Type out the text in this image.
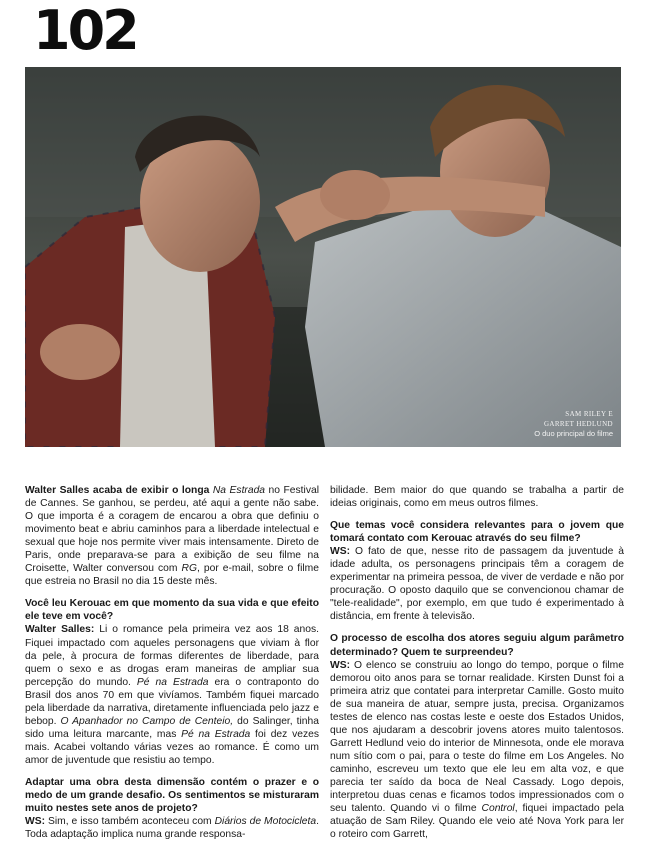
102
SAM RILEY E
GARRET HEDLUND
O duo principal do filme

Walter Salles acaba de exibir o longa Na Estrada no Festival de Cannes. Se ganhou, se perdeu, até aqui a gente não sabe. O que importa é a coragem de encarou a obra que definiu o movimento beat e abriu caminhos para a liberdade intelectual e sexual que hoje nos permite viver mais intensamente. Direto de Paris, onde preparava-se para a exibição de seu filme na Croisette, Walter conversou com RG, por e-mail, sobre o filme que estreia no Brasil no dia 15 deste mês.

Você leu Kerouac em que momento da sua vida e que efeito ele teve em você?

Walter Salles: Li o romance pela primeira vez aos 18 anos. Fiquei impactado com aqueles personagens que viviam à flor da pele, à procura de formas diferentes de liberdade, para quem o sexo e as drogas eram maneiras de ampliar sua percepção do mundo. Pé na Estrada era o contraponto do Brasil dos anos 70 em que vivíamos. Também fiquei marcado pela liberdade da narrativa, diretamente influenciada pelo jazz e bebop. O Apanhador no Campo de Centeio, do Salinger, tinha sido uma leitura marcante, mas Pé na Estrada foi dez vezes mais. Acabei voltando várias vezes ao romance. É como um amor de juventude que resistiu ao tempo.

Adaptar uma obra desta dimensão contém o prazer e o medo de um grande desafio. Os sentimentos se misturaram muito nestes sete anos de projeto?

WS: Sim, e isso também aconteceu com Diários de Motocicleta. Toda adaptação implica numa grande responsa-

bilidade. Bem maior do que quando se trabalha a partir de ideias originais, como em meus outros filmes.

Que temas você considera relevantes para o jovem que tomará contato com Kerouac através do seu filme?

WS: O fato de que, nesse rito de passagem da juventude à idade adulta, os personagens principais têm a coragem de experimentar na primeira pessoa, de viver de verdade e não por procuração. O oposto daquilo que se convencionou chamar de "tele-realidade", por exemplo, em que tudo é experimentado à distância, em frente à televisão.

O processo de escolha dos atores seguiu algum parâmetro determinado? Quem te surpreendeu?

WS: O elenco se construiu ao longo do tempo, porque o filme demorou oito anos para se tornar realidade. Kirsten Dunst foi a primeira atriz que contatei para interpretar Camille. Gosto muito de sua maneira de atuar, sempre justa, precisa. Organizamos testes de elenco nas costas leste e oeste dos Estados Unidos, que nos ajudaram a descobrir jovens atores muito talentosos. Garrett Hedlund veio do interior de Minnesota, onde ele morava num sítio com o pai, para o teste do filme em Los Angeles. No caminho, escreveu um texto que ele leu em alta voz, e que parecia ter saído da boca de Neal Cassady. Logo depois, interpretou duas cenas e ficamos todos impressionados com o seu talento. Quando vi o filme Control, fiquei impactado pela atuação de Sam Riley. Quando ele veio até Nova York para ler o roteiro com Garrett,
